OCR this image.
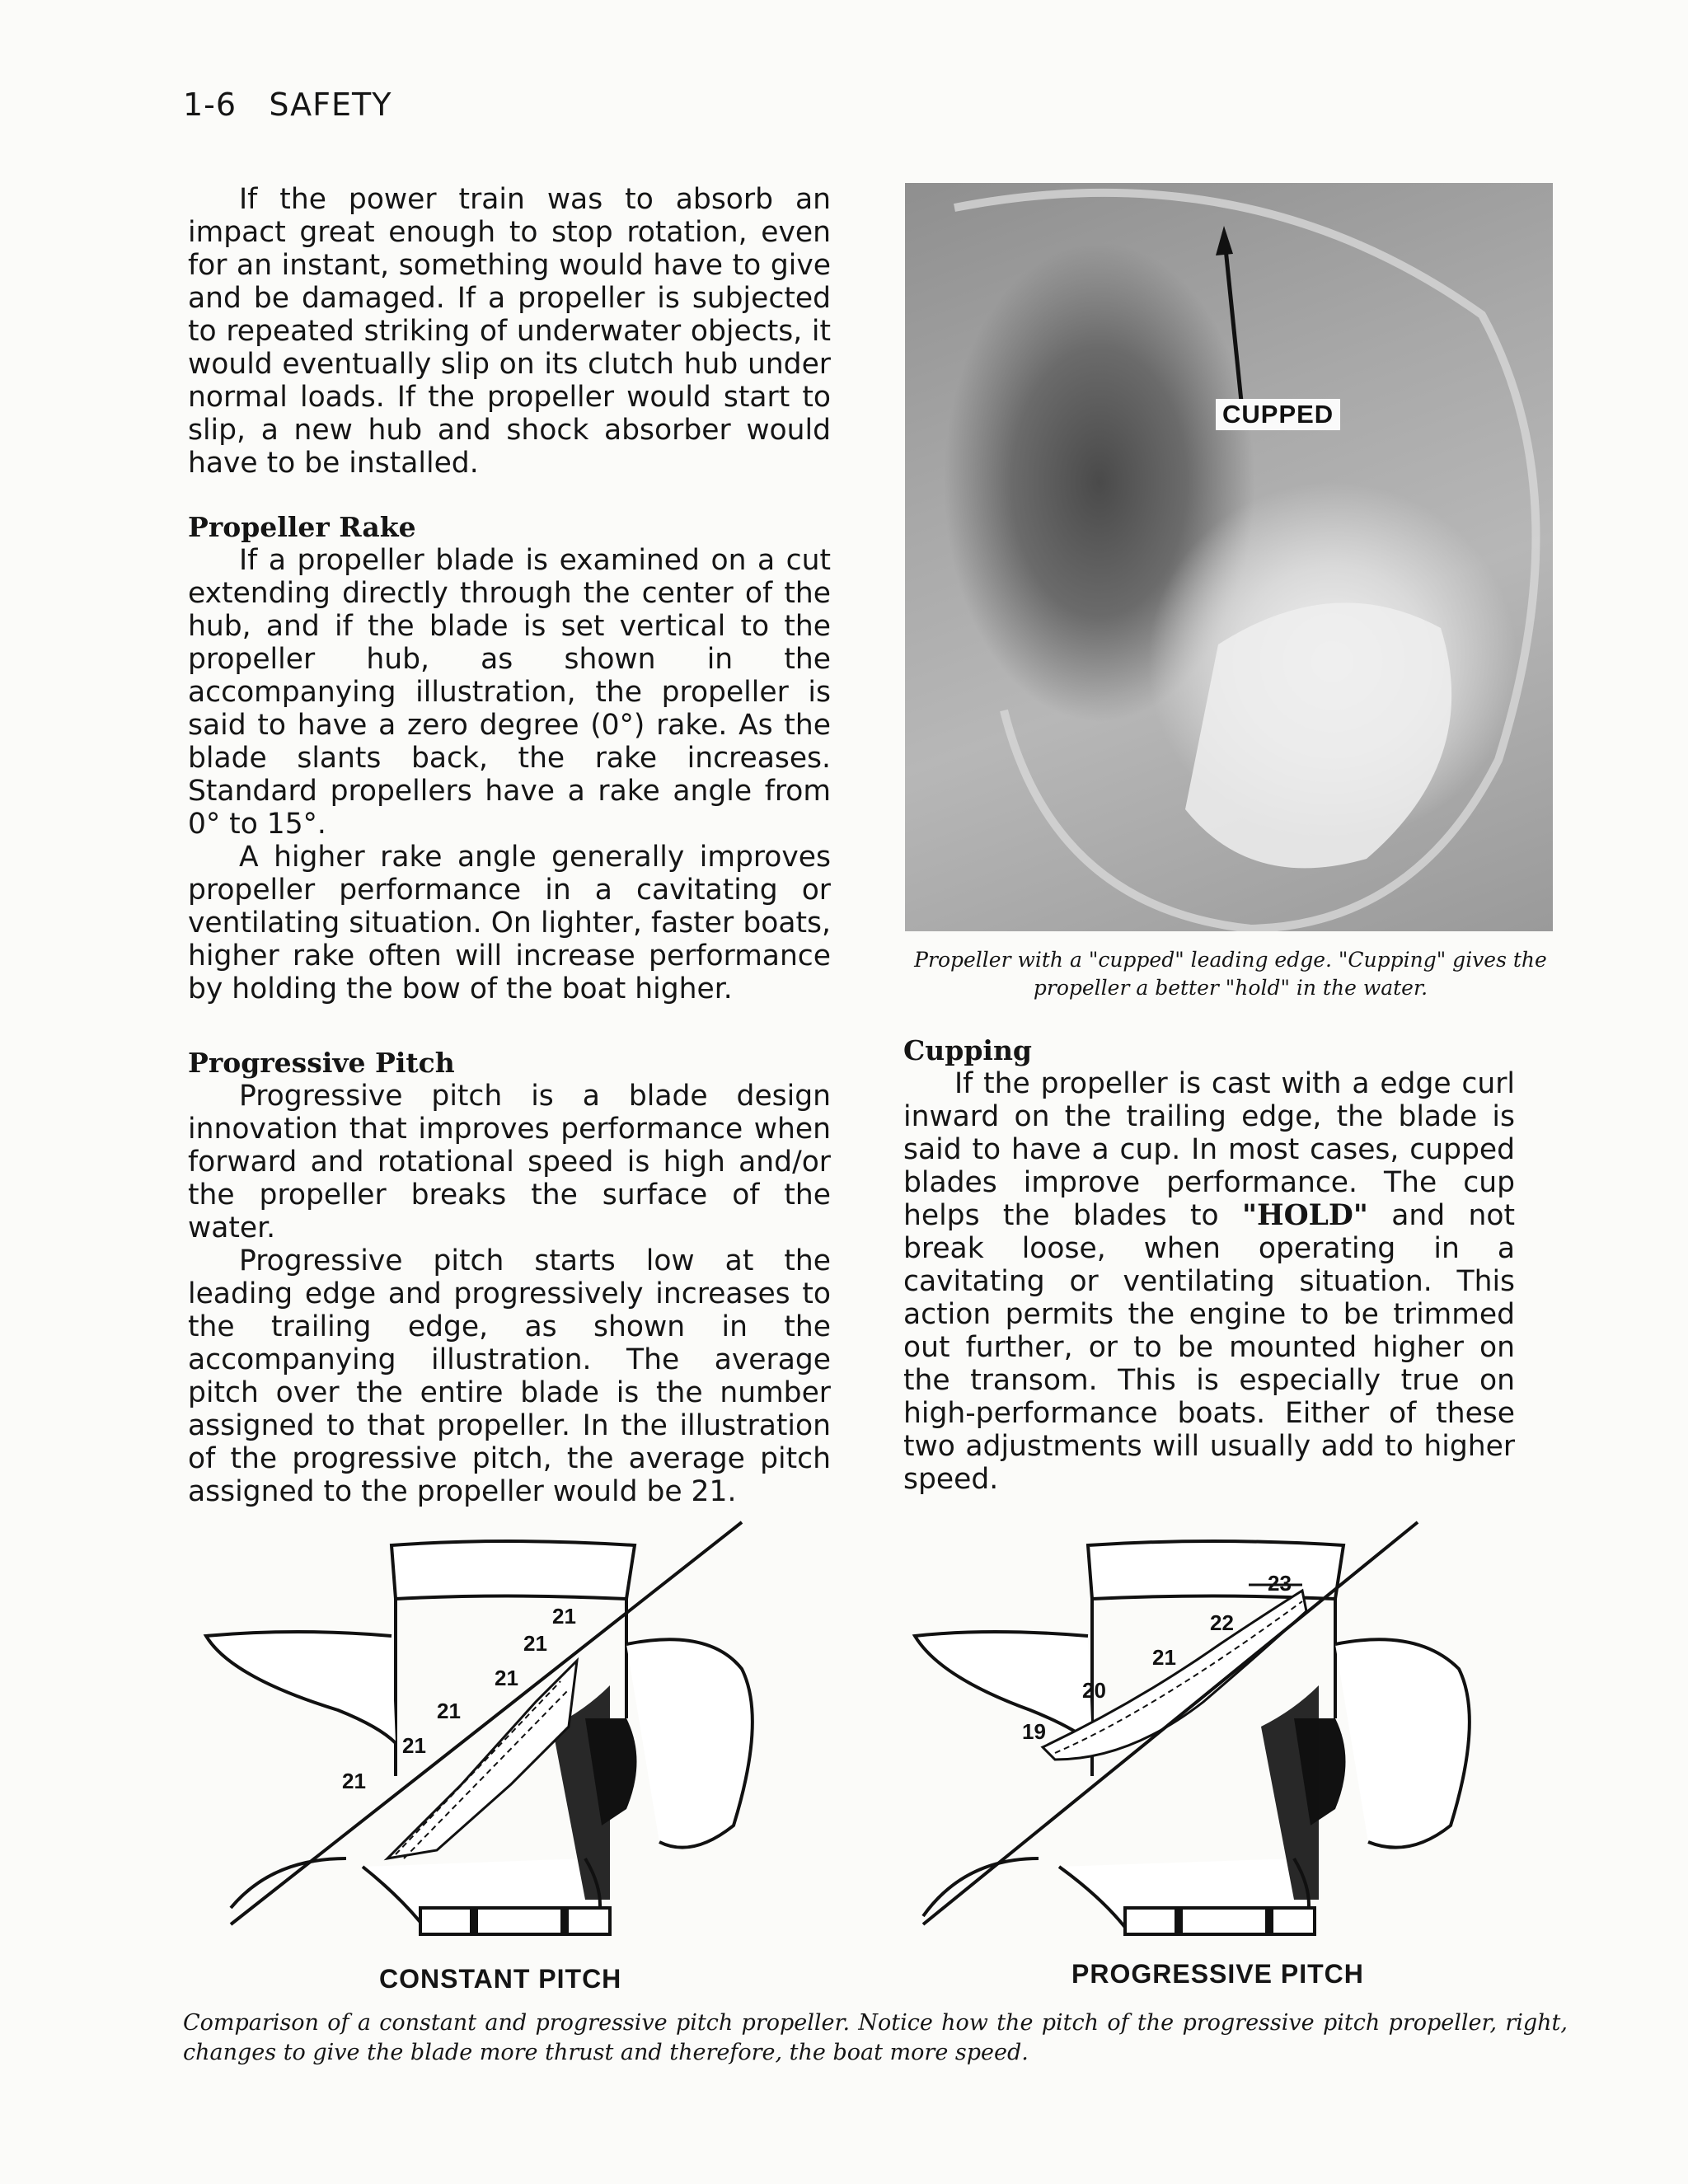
1-6 SAFETY

If the power train was to absorb an impact great enough to stop rotation, even for an instant, something would have to give and be damaged. If a propeller is subjected to repeated striking of underwater objects, it would eventually slip on its clutch hub under normal loads. If the propeller would start to slip, a new hub and shock absorber would have to be installed.

Propeller Rake

If a propeller blade is examined on a cut extending directly through the center of the hub, and if the blade is set vertical to the propeller hub, as shown in the accompanying illustration, the propeller is said to have a zero degree (0°) rake. As the blade slants back, the rake increases. Standard propellers have a rake angle from 0° to 15°.

A higher rake angle generally improves propeller performance in a cavitating or ventilating situation. On lighter, faster boats, higher rake often will increase performance by holding the bow of the boat higher.

Progressive Pitch

Progressive pitch is a blade design innovation that improves performance when forward and rotational speed is high and/or the propeller breaks the surface of the water.

Progressive pitch starts low at the leading edge and progressively increases to the trailing edge, as shown in the accompanying illustration. The average pitch over the entire blade is the number assigned to that propeller. In the illustration of the progressive pitch, the average pitch assigned to the propeller would be 21.

CUPPED
Propeller with a "cupped" leading edge. "Cupping" gives the propeller a better "hold" in the water.
Cupping

If the propeller is cast with a edge curl inward on the trailing edge, the blade is said to have a cup. In most cases, cupped blades improve performance. The cup helps the blades to "HOLD" and not break loose, when operating in a cavitating or ventilating situation. This action permits the engine to be trimmed out further, or to be mounted higher on the transom. This is especially true on high-performance boats. Either of these two adjustments will usually add to higher speed.

21
21
21
21
21
21
CONSTANT PITCH
19
20
21
22
23
PROGRESSIVE PITCH
Comparison of a constant and progressive pitch propeller. Notice how the pitch of the progressive pitch propeller, right, changes to give the blade more thrust and therefore, the boat more speed.
